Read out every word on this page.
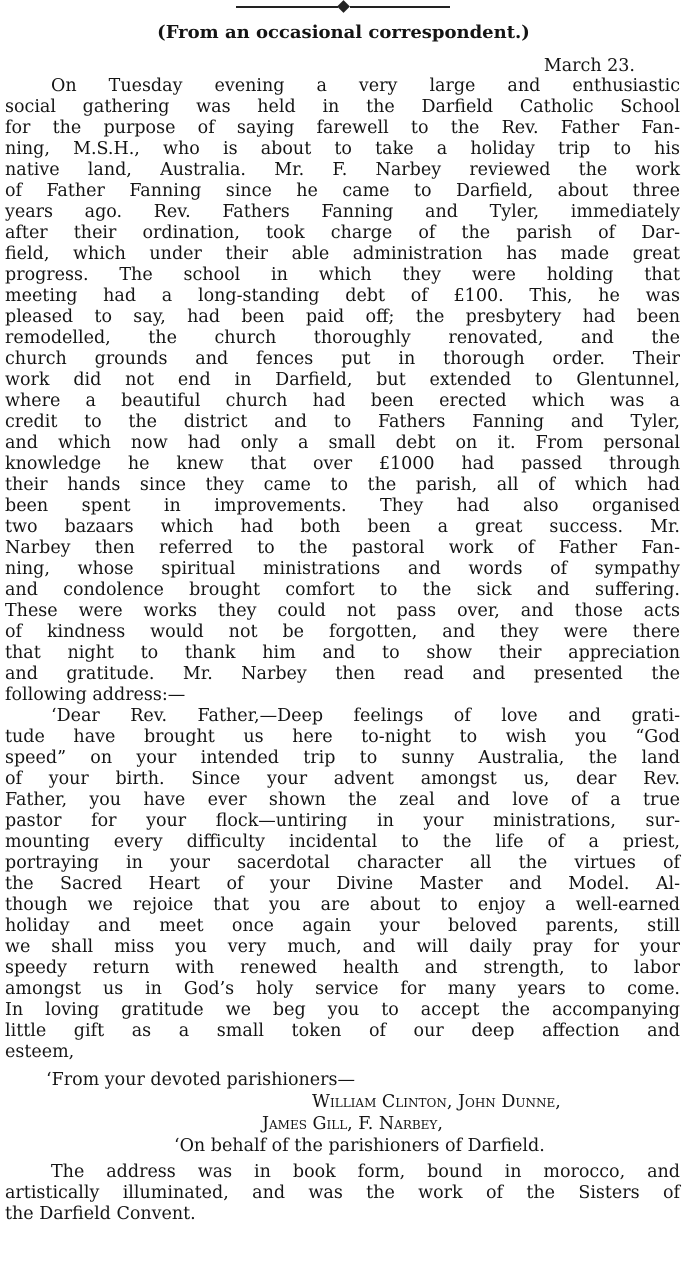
(From an occasional correspondent.)
March 23.
On Tuesday evening a very large and enthusiastic
social gathering was held in the Darfield Catholic School
for the purpose of saying farewell to the Rev. Father Fan-
ning, M.S.H., who is about to take a holiday trip to his
native land, Australia. Mr. F. Narbey reviewed the work
of Father Fanning since he came to Darfield, about three
years ago. Rev. Fathers Fanning and Tyler, immediately
after their ordination, took charge of the parish of Dar-
field, which under their able administration has made great
progress. The school in which they were holding that
meeting had a long-standing debt of £100. This, he was
pleased to say, had been paid off; the presbytery had been
remodelled, the church thoroughly renovated, and the
church grounds and fences put in thorough order. Their
work did not end in Darfield, but extended to Glentunnel,
where a beautiful church had been erected which was a
credit to the district and to Fathers Fanning and Tyler,
and which now had only a small debt on it. From personal
knowledge he knew that over £1000 had passed through
their hands since they came to the parish, all of which had
been spent in improvements. They had also organised
two bazaars which had both been a great success. Mr.
Narbey then referred to the pastoral work of Father Fan-
ning, whose spiritual ministrations and words of sympathy
and condolence brought comfort to the sick and suffering.
These were works they could not pass over, and those acts
of kindness would not be forgotten, and they were there
that night to thank him and to show their appreciation
and gratitude. Mr. Narbey then read and presented the
following address:—
‘Dear Rev. Father,—Deep feelings of love and grati-
tude have brought us here to-night to wish you “God
speed” on your intended trip to sunny Australia, the land
of your birth. Since your advent amongst us, dear Rev.
Father, you have ever shown the zeal and love of a true
pastor for your flock—untiring in your ministrations, sur-
mounting every difficulty incidental to the life of a priest,
portraying in your sacerdotal character all the virtues of
the Sacred Heart of your Divine Master and Model. Al-
though we rejoice that you are about to enjoy a well-earned
holiday and meet once again your beloved parents, still
we shall miss you very much, and will daily pray for your
speedy return with renewed health and strength, to labor
amongst us in God’s holy service for many years to come.
In loving gratitude we beg you to accept the accompanying
little gift as a small token of our deep affection and
esteem,
‘From your devoted parishioners—
William Clinton, John Dunne,
James Gill, F. Narbey,
‘On behalf of the parishioners of Darfield.
The address was in book form, bound in morocco, and
artistically illuminated, and was the work of the Sisters of
the Darfield Convent.
